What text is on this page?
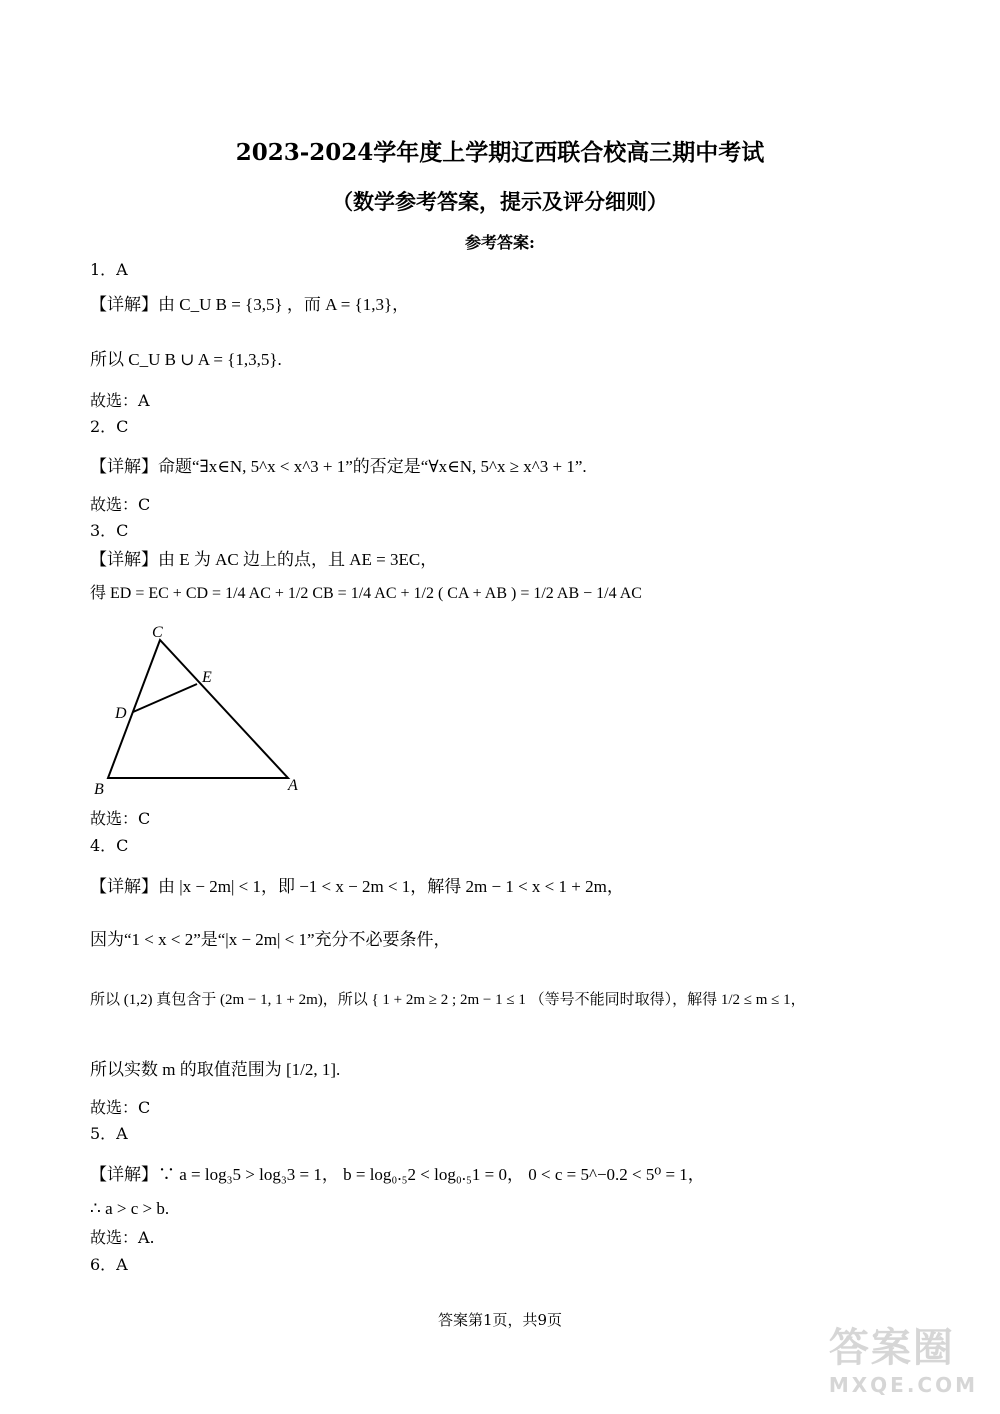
2023-2024学年度上学期辽西联合校高三期中考试
（数学参考答案，提示及评分细则）
参考答案:
1．A
【详解】由 C_U B = {3,5} ，而 A = {1,3}，
所以 C_U B ∪ A = {1,3,5}.
故选：A
2．C
【详解】命题“∃x∈N, 5^x < x^3 + 1”的否定是“∀x∈N, 5^x ≥ x^3 + 1”.
故选：C
3．C
【详解】由 E 为 AC 边上的点，且 AE = 3EC，
得 ED = EC + CD = 1/4 AC + 1/2 CB = 1/4 AC + 1/2 ( CA + AB ) = 1/2 AB − 1/4 AC
C
E
D
B	A
故选：C
4．C
【详解】由 |x − 2m| < 1，即 −1 < x − 2m < 1，解得 2m − 1 < x < 1 + 2m，
因为“1 < x < 2”是“|x − 2m| < 1”充分不必要条件，
所以 (1,2) 真包含于 (2m − 1, 1 + 2m)，所以 { 1 + 2m ≥ 2 ; 2m − 1 ≤ 1 （等号不能同时取得），解得 1/2 ≤ m ≤ 1，
所以实数 m 的取值范围为 [1/2, 1].
故选：C
5．A
【详解】∵ a = log₃5 > log₃3 = 1， b = log₀.₅2 < log₀.₅1 = 0， 0 < c = 5^−0.2 < 5⁰ = 1，
∴ a > c > b.
故选：A.
6．A
答案第1页，共9页
答案圈
MXQE.COM
